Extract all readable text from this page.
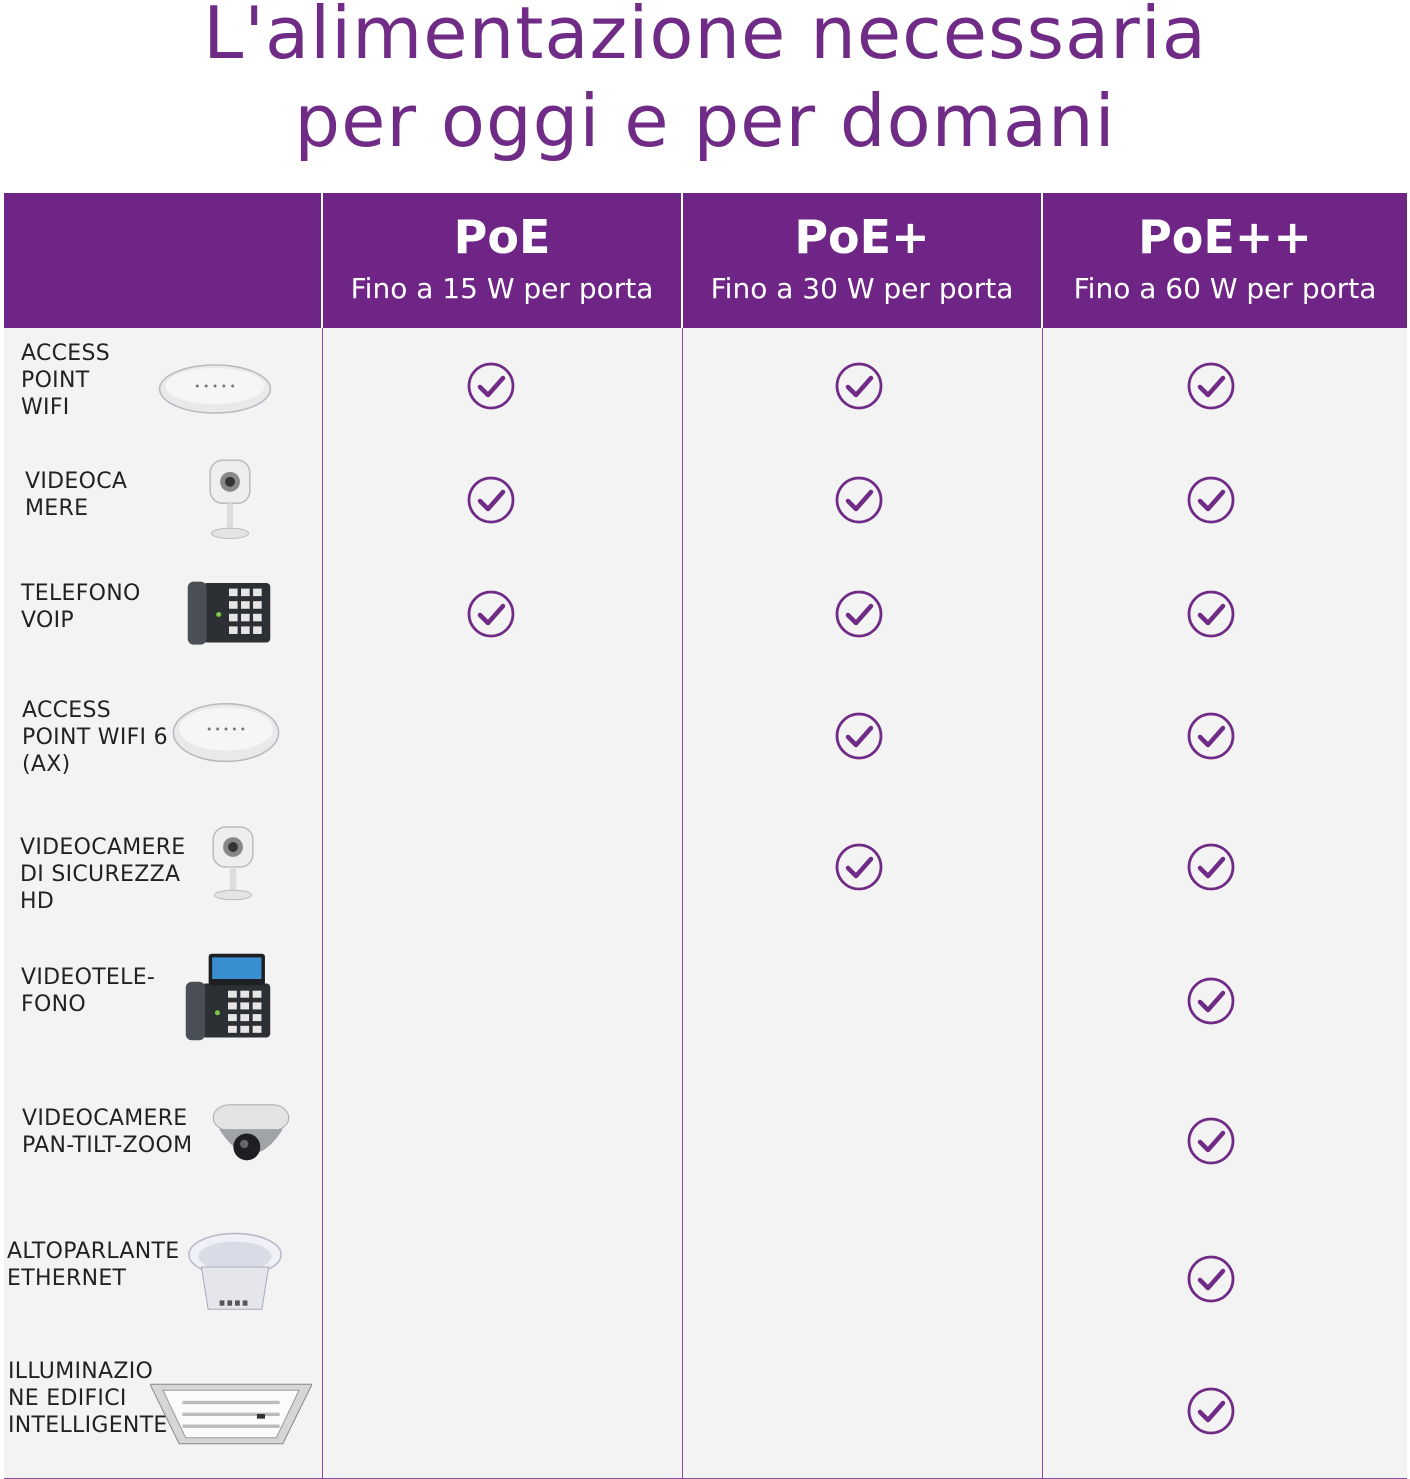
L'alimentazione necessaria
per oggi e per domani
PoE
Fino a 15 W per porta
PoE+
Fino a 30 W per porta
PoE++
Fino a 60 W per porta
ACCESS
POINT
WIFI
VIDEOCA
MERE
TELEFONO
VOIP
ACCESS
POINT WIFI 6
(AX)
VIDEOCAMERE
DI SICUREZZA
HD
VIDEOTELE-
FONO
VIDEOCAMERE
PAN-TILT-ZOOM
ALTOPARLANTE
ETHERNET
ILLUMINAZIO
NE EDIFICI
INTELLIGENTE
